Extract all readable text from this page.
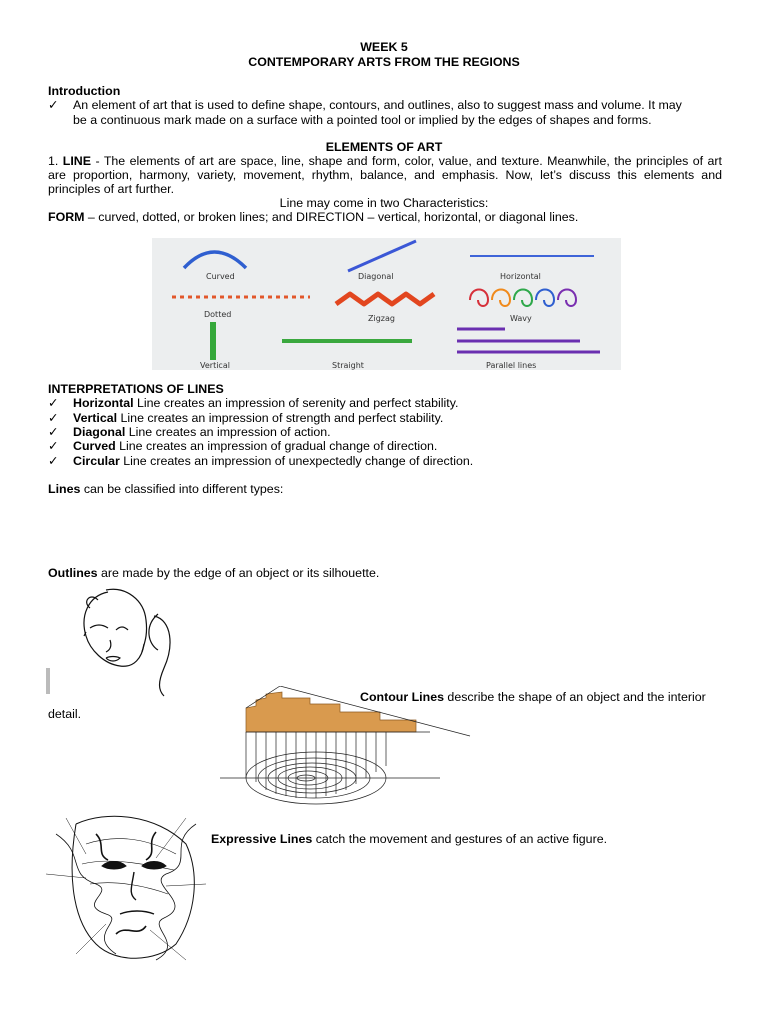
WEEK 5
CONTEMPORARY ARTS FROM THE REGIONS
Introduction
✓ An element of art that is used to define shape, contours, and outlines, also to suggest mass and volume. It may
be a continuous mark made on a surface with a pointed tool or implied by the edges of shapes and forms.
ELEMENTS OF ART
1. LINE - The elements of art are space, line, shape and form, color, value, and texture. Meanwhile, the principles of art are proportion, harmony, variety, movement, rhythm, balance, and emphasis. Now, let’s discuss this elements and principles of art further.
Line may come in two Characteristics:
FORM – curved, dotted, or broken lines; and DIRECTION – vertical, horizontal, or diagonal lines.
Curved	Diagonal	Horizontal
Dotted	Zigzag	Wavy
Vertical	Straight	Parallel lines
INTERPRETATIONS OF LINES
✓ Horizontal Line creates an impression of serenity and perfect stability.
✓ Vertical Line creates an impression of strength and perfect stability.
✓ Diagonal Line creates an impression of action.
✓ Curved Line creates an impression of gradual change of direction.
✓ Circular Line creates an impression of unexpectedly change of direction.
Lines can be classified into different types:
Outlines are made by the edge of an object or its silhouette.
Contour Lines describe the shape of an object and the interior
detail.
Expressive Lines catch the movement and gestures of an active figure.
